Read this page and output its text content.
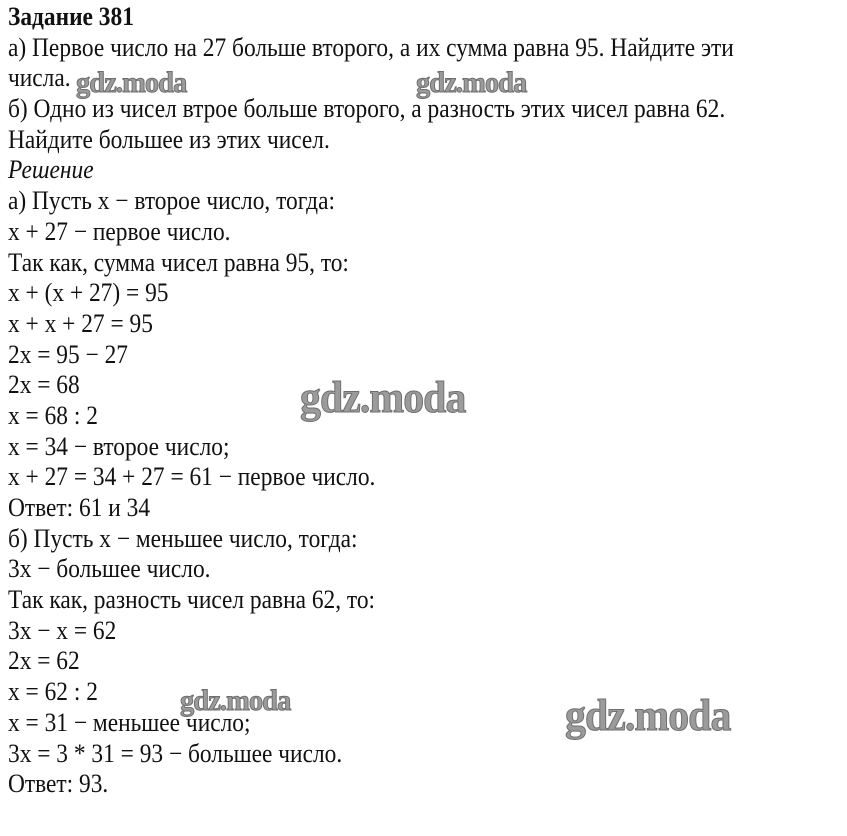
Задание 381
а) Первое число на 27 больше второго, а их сумма равна 95. Найдите эти
числа.
б) Одно из чисел втрое больше второго, а разность этих чисел равна 62.
Найдите большее из этих чисел.
Решение
а) Пусть x − второе число, тогда:
x + 27 − первое число.
Так как, сумма чисел равна 95, то:
x + (x + 27) = 95
x + x + 27 = 95
2x = 95 − 27
2x = 68
x = 68 : 2
x = 34 − второе число;
x + 27 = 34 + 27 = 61 − первое число.
Ответ: 61 и 34
б) Пусть x − меньшее число, тогда:
3x − большее число.
Так как, разность чисел равна 62, то:
3x − x = 62
2x = 62
x = 62 : 2
x = 31 − меньшее число;
3x = 3 * 31 = 93 − большее число.
Ответ: 93.
gdz.moda	gdz.moda
gdz.moda
gdz.moda	gdz.moda
